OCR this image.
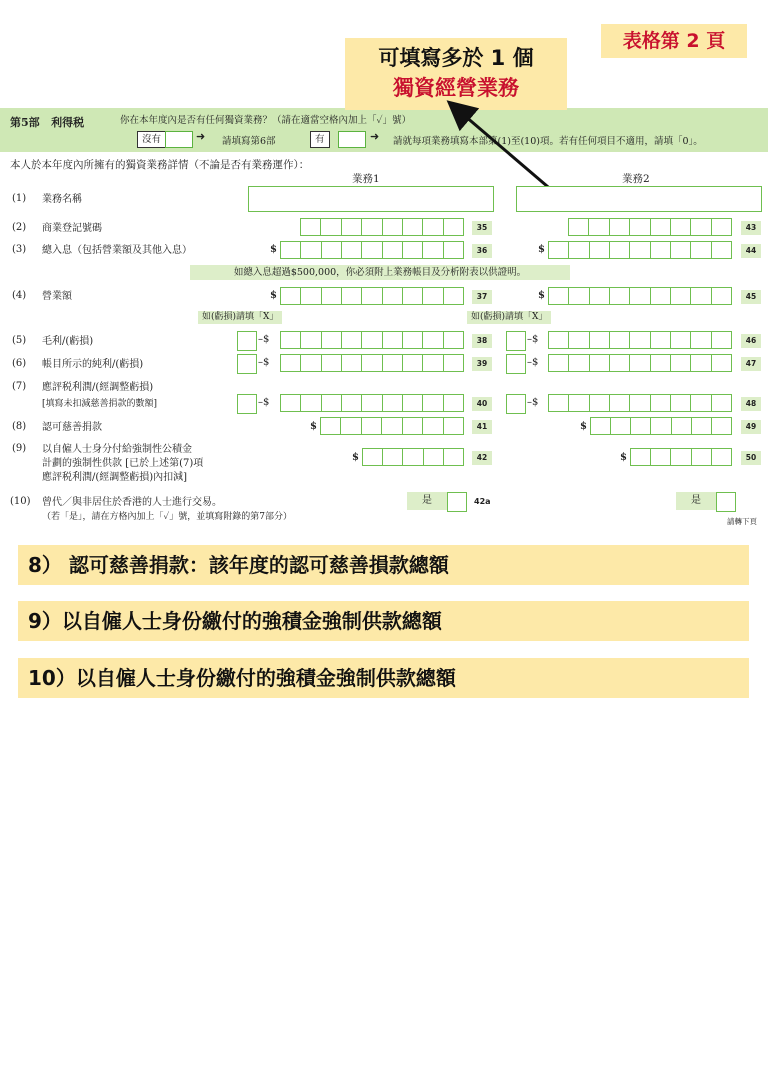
表格第 2 頁
第5部 利得税	你在本年度內是否有任何獨資業務？（請在適當空格內加上「✓」號）
沒有	➜ 請填寫第6部	有	➜ 請就每項業務填寫本部第(1)至(10)項。若有任何項目不適用，請填「0」。
可填寫多於 1 個
獨資經營業務
本人於本年度內所擁有的獨資業務詳情（不論是否有業務運作）：
業務1	業務2
(1) 業務名稱
(2) 商業登記號碼	35	43
(3) 總入息（包括營業額及其他入息）	$	36	$	44
如總入息超過$500,000，你必須附上業務帳目及分析附表以供證明。
(4) 營業額	$	37	$	45
如(虧損)請填「X」	如(虧損)請填「X」
(5) 毛利/(虧損)	–$	38	–$	46
(6) 帳目所示的純利/(虧損)	–$	39	–$	47
(7) 應評税利潤/(經調整虧損)
[填寫未扣減慈善捐款的數額]	–$	40	–$	48
(8) 認可慈善捐款	$	41	$	49
(9) 以自僱人士身分付給強制性公積金
計劃的強制性供款 [已於上述第(7)項
應評税利潤/(經調整虧損)內扣減]
$	42	$	50
(10) 曾代／與非居住於香港的人士進行交易。
（若「是」，請在方格內加上「✓」號，並填寫附錄的第7部分）
是	42a	是
請轉下頁
8） 認可慈善捐款：該年度的認可慈善損款總額
9）以自僱人士身份繳付的強積金強制供款總額
10）以自僱人士身份繳付的強積金強制供款總額
